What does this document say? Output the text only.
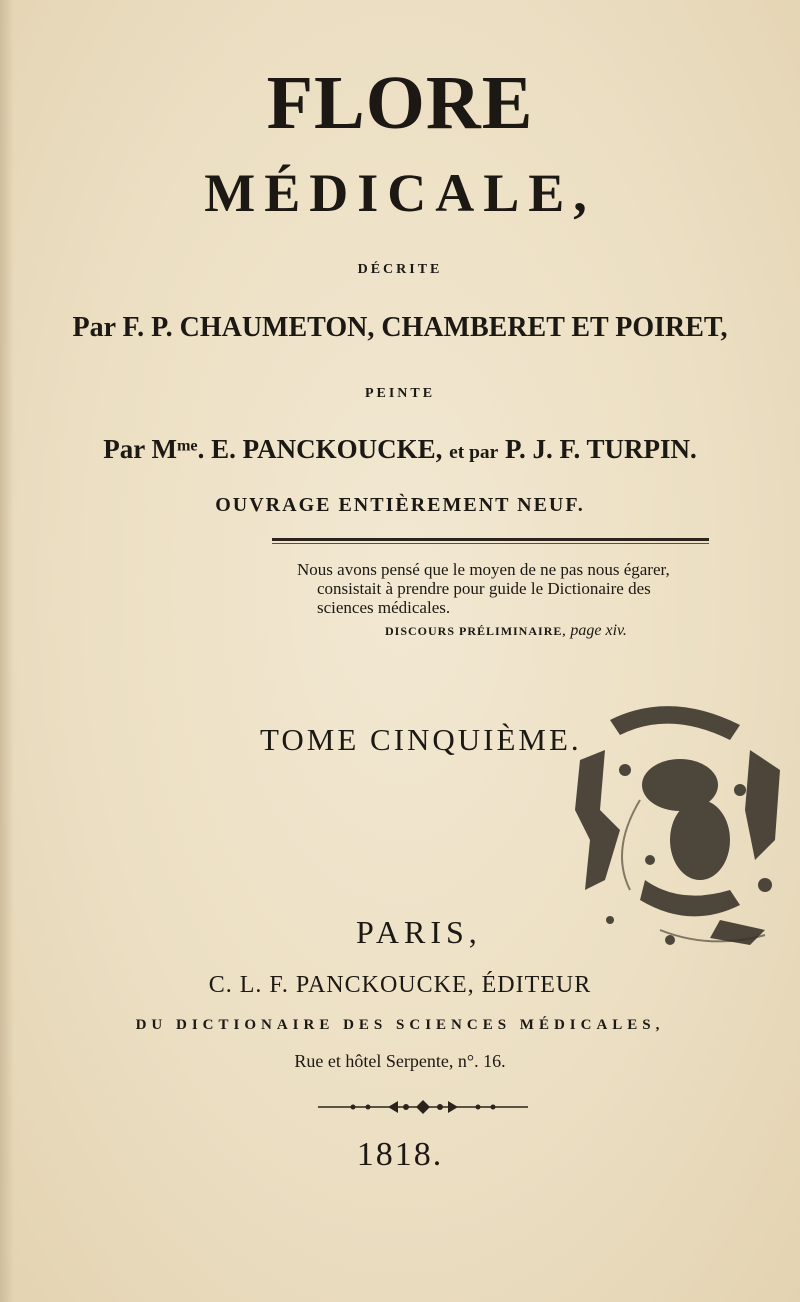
FLORE
MÉDICALE,
DÉCRITE
Par F. P. CHAUMETON, CHAMBERET ET POIRET,
PEINTE
Par $M^{me}$. E. PANCKOUCKE, et par P. J. F. TURPIN.
OUVRAGE ENTIÈREMENT NEUF.
Nous avons pensé que le moyen de ne pas nous égarer,
consistait à prendre pour guide le Dictionaire des
sciences médicales.
DISCOURS PRÉLIMINAIRE, page xiv.
TOME CINQUIÈME.
PARIS,
C. L. F. PANCKOUCKE, ÉDITEUR
DU DICTIONAIRE DES SCIENCES MÉDICALES,
Rue et hôtel Serpente, n°. 16.
1818.
